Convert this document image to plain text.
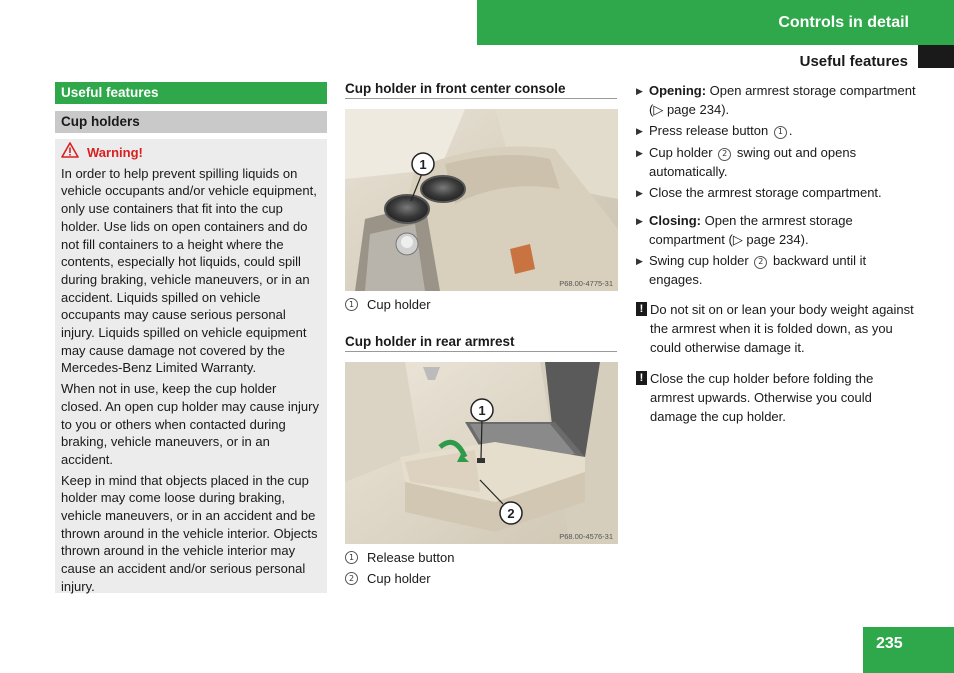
Controls in detail
Useful features
Useful features
Cup holders
Warning!

In order to help prevent spilling liquids on vehicle occupants and/or vehicle equipment, only use containers that fit into the cup holder. Use lids on open containers and do not fill containers to a height where the contents, especially hot liquids, could spill during braking, vehicle maneuvers, or in an accident. Liquids spilled on vehicle occupants may cause serious personal injury. Liquids spilled on vehicle equipment may cause damage not covered by the Mercedes-Benz Limited Warranty.

When not in use, keep the cup holder closed. An open cup holder may cause injury to you or others when contacted during braking, vehicle maneuvers, or in an accident.

Keep in mind that objects placed in the cup holder may come loose during braking, vehicle maneuvers, or in an accident and be thrown around in the vehicle interior. Objects thrown around in the vehicle interior may cause an accident and/or serious personal injury.

Cup holder in front center console
1
P68.00-4775-31
1 Cup holder
Cup holder in rear armrest
1
2
P68.00-4576-31
1 Release button
2 Cup holder
▶ Opening: Open armrest storage compartment (▷ page 234).
▶ Press release button 1 .
▶ Cup holder 2 swing out and opens automatically.
▶ Close the armrest storage compartment.
▶ Closing: Open the armrest storage compartment (▷ page 234).
▶ Swing cup holder 2 backward until it engages.
! Do not sit on or lean your body weight against the armrest when it is folded down, as you could otherwise damage it.
! Close the cup holder before folding the armrest upwards. Otherwise you could damage the cup holder.
235
